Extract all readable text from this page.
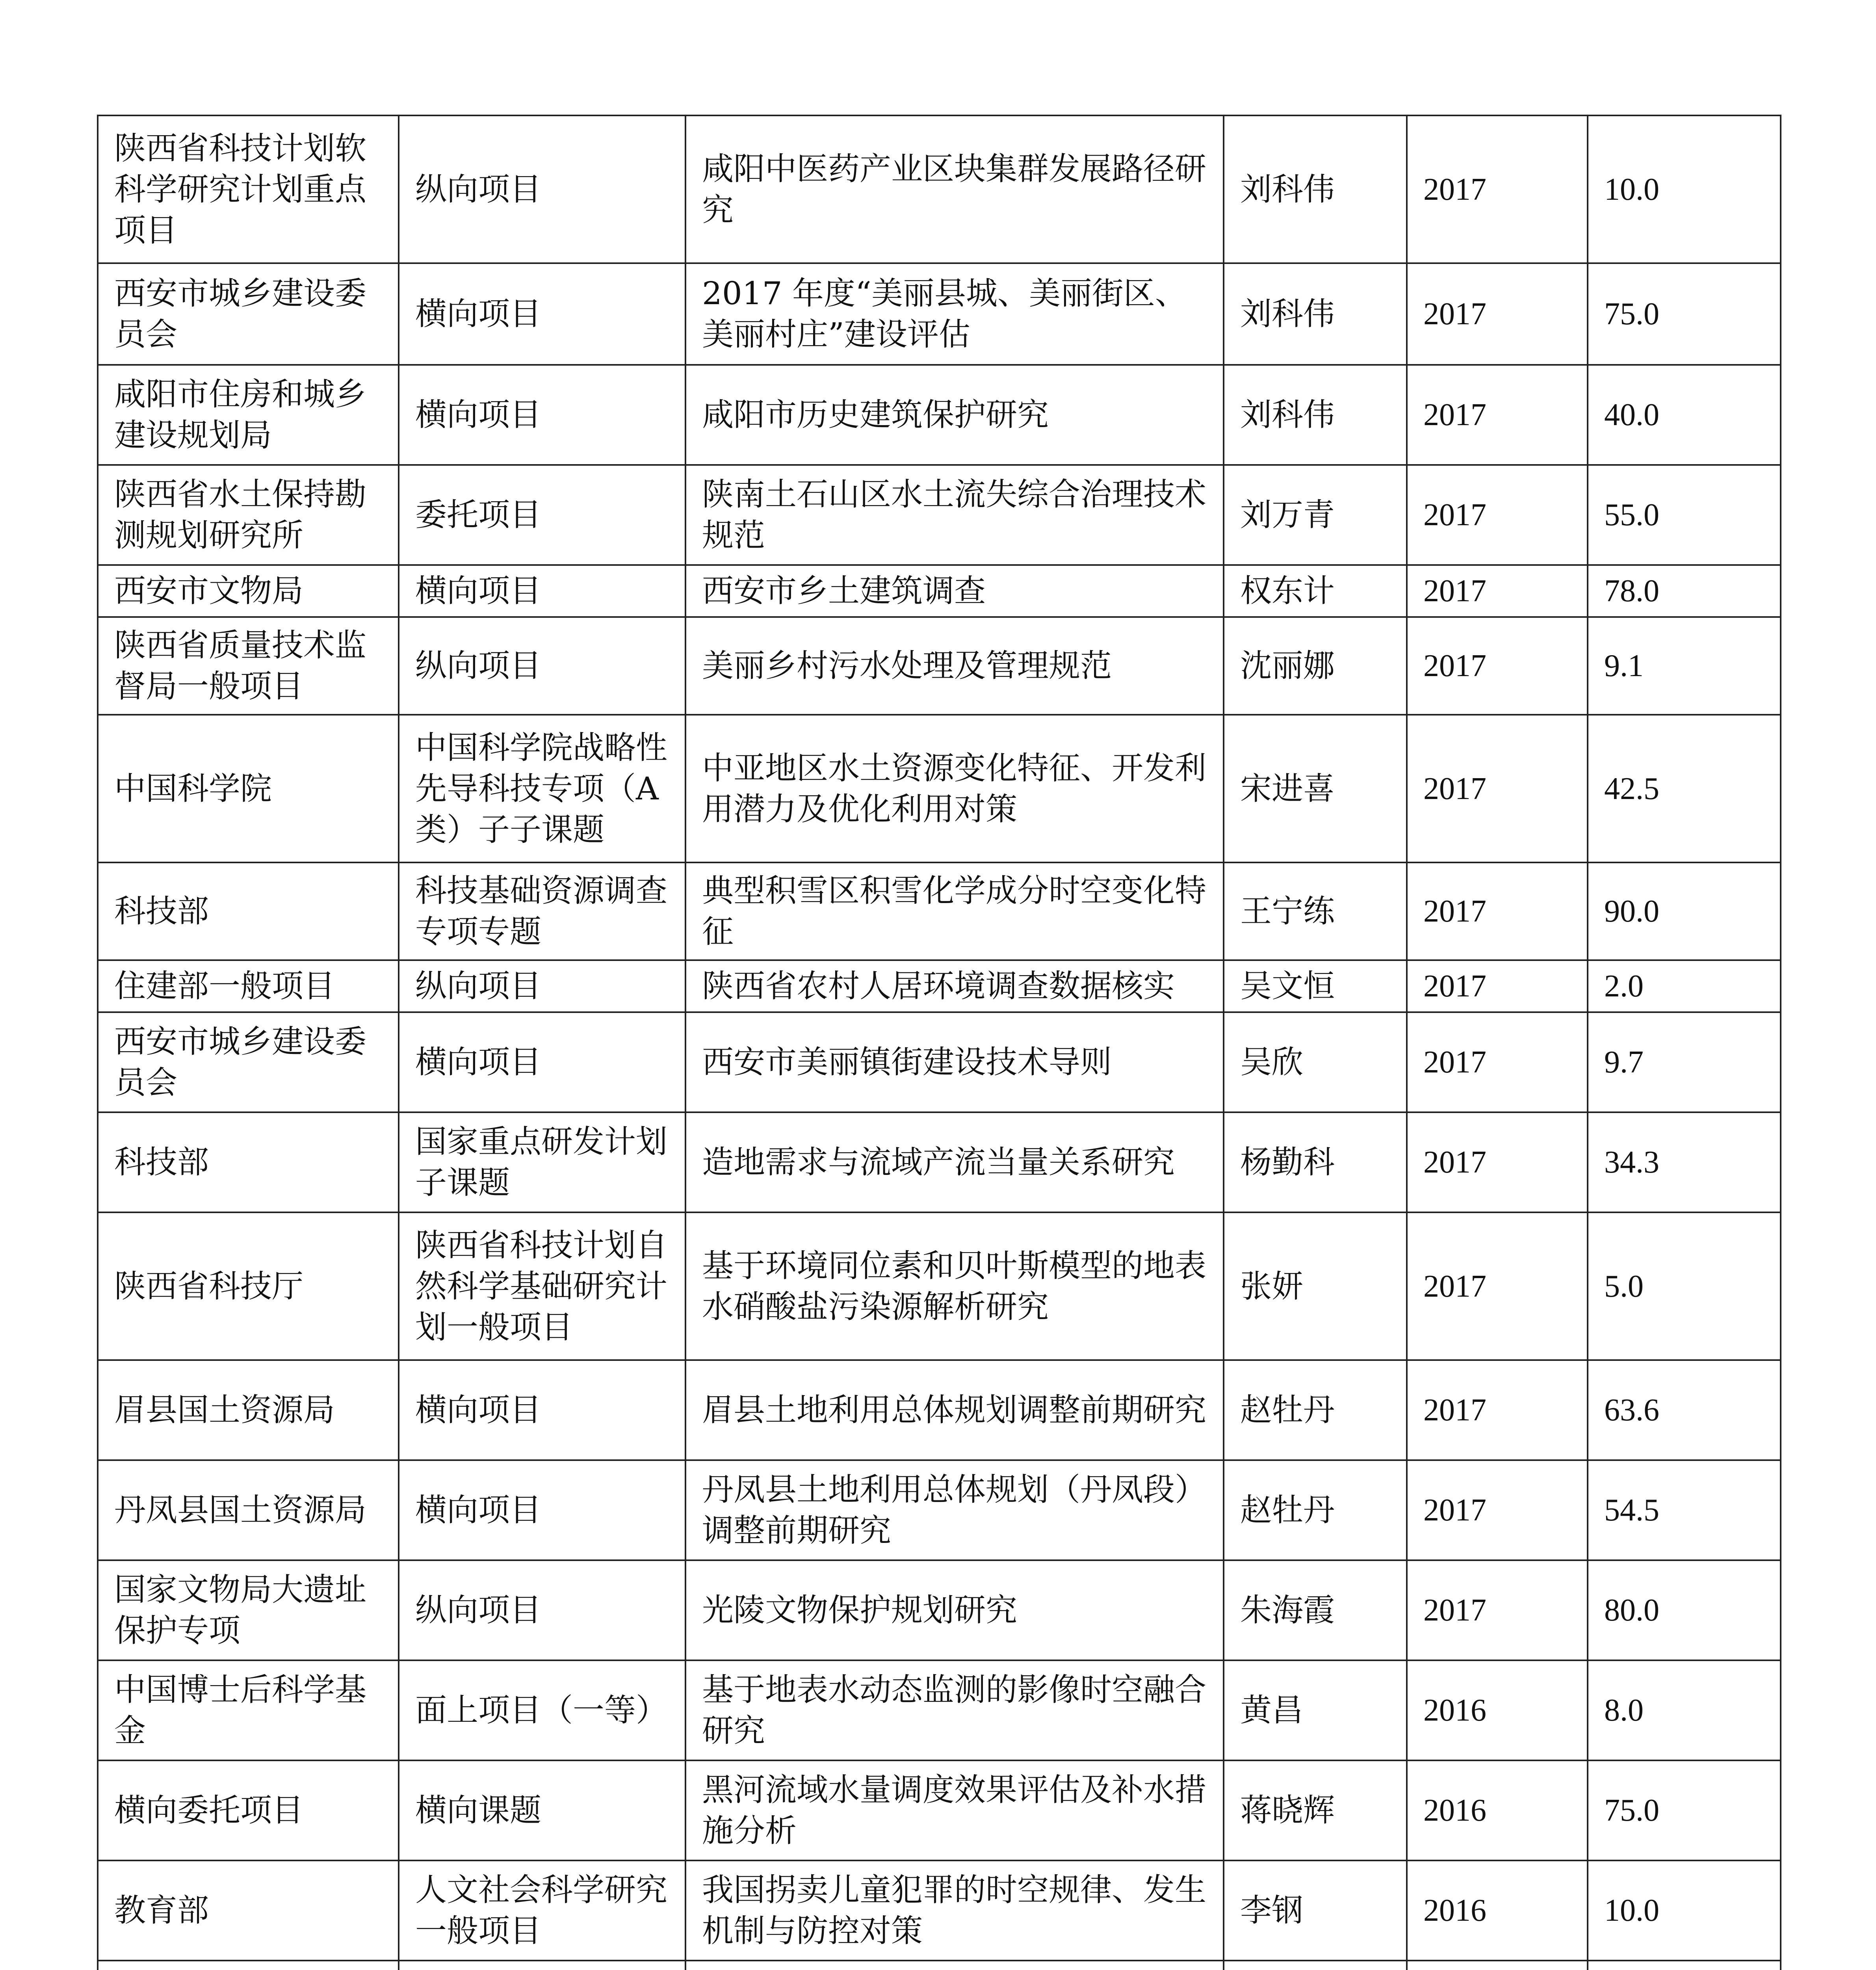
陕西省科技计划软科学研究计划重点项目	纵向项目	咸阳中医药产业区块集群发展路径研究	刘科伟	2017	10.0
西安市城乡建设委员会	横向项目	2017 年度“美丽县城、美丽街区、美丽村庄”建设评估	刘科伟	2017	75.0
咸阳市住房和城乡建设规划局	横向项目	咸阳市历史建筑保护研究	刘科伟	2017	40.0
陕西省水土保持勘测规划研究所	委托项目	陕南土石山区水土流失综合治理技术规范	刘万青	2017	55.0
西安市文物局	横向项目	西安市乡土建筑调查	权东计	2017	78.0
陕西省质量技术监督局一般项目	纵向项目	美丽乡村污水处理及管理规范	沈丽娜	2017	9.1
中国科学院	中国科学院战略性先导科技专项（A 类）子子课题	中亚地区水土资源变化特征、开发利用潜力及优化利用对策	宋进喜	2017	42.5
科技部	科技基础资源调查专项专题	典型积雪区积雪化学成分时空变化特征	王宁练	2017	90.0
住建部一般项目	纵向项目	陕西省农村人居环境调查数据核实	吴文恒	2017	2.0
西安市城乡建设委员会	横向项目	西安市美丽镇街建设技术导则	吴欣	2017	9.7
科技部	国家重点研发计划子课题	造地需求与流域产流当量关系研究	杨勤科	2017	34.3
陕西省科技厅	陕西省科技计划自然科学基础研究计划一般项目	基于环境同位素和贝叶斯模型的地表水硝酸盐污染源解析研究	张妍	2017	5.0
眉县国土资源局	横向项目	眉县土地利用总体规划调整前期研究	赵牡丹	2017	63.6
丹凤县国土资源局	横向项目	丹凤县土地利用总体规划（丹凤段）调整前期研究	赵牡丹	2017	54.5
国家文物局大遗址保护专项	纵向项目	光陵文物保护规划研究	朱海霞	2017	80.0
中国博士后科学基金	面上项目（一等）	基于地表水动态监测的影像时空融合研究	黄昌	2016	8.0
横向委托项目	横向课题	黑河流域水量调度效果评估及补水措施分析	蒋晓辉	2016	75.0
教育部	人文社会科学研究一般项目	我国拐卖儿童犯罪的时空规律、发生机制与防控对策	李钢	2016	10.0
